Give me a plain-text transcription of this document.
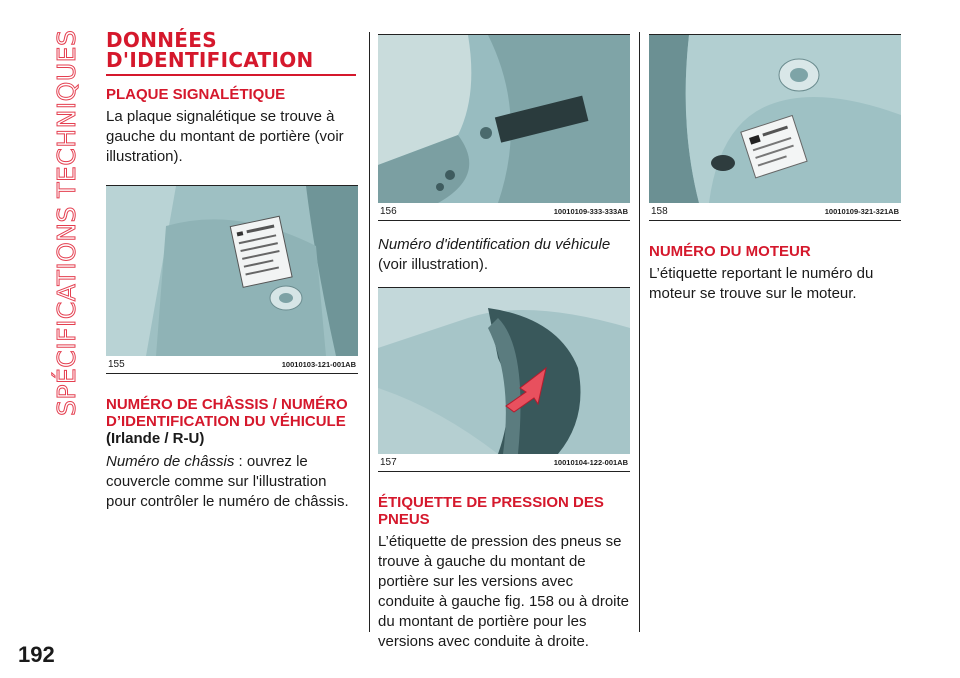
SPÉCIFICATIONS TECHNIQUES
192
DONNÉES
D'IDENTIFICATION
PLAQUE SIGNALÉTIQUE

La plaque signalétique se trouve à gauche du montant de portière (voir illustration).

155	10010103-121-001AB
NUMÉRO DE CHÂSSIS / NUMÉRO D’IDENTIFICATION DU VÉHICULE
(Irlande / R-U)

Numéro de châssis : ouvrez le couvercle comme sur l'illustration pour contrôler le numéro de châssis.

156	10010109-333-333AB

Numéro d'identification du véhicule (voir illustration).

157	10010104-122-001AB
ÉTIQUETTE DE PRESSION DES PNEUS

L’étiquette de pression des pneus se trouve à gauche du montant de portière sur les versions avec conduite à gauche fig. 158 ou à droite du montant de portière pour les versions avec conduite à droite.

158	10010109-321-321AB
NUMÉRO DU MOTEUR

L’étiquette reportant le numéro du moteur se trouve sur le moteur.
